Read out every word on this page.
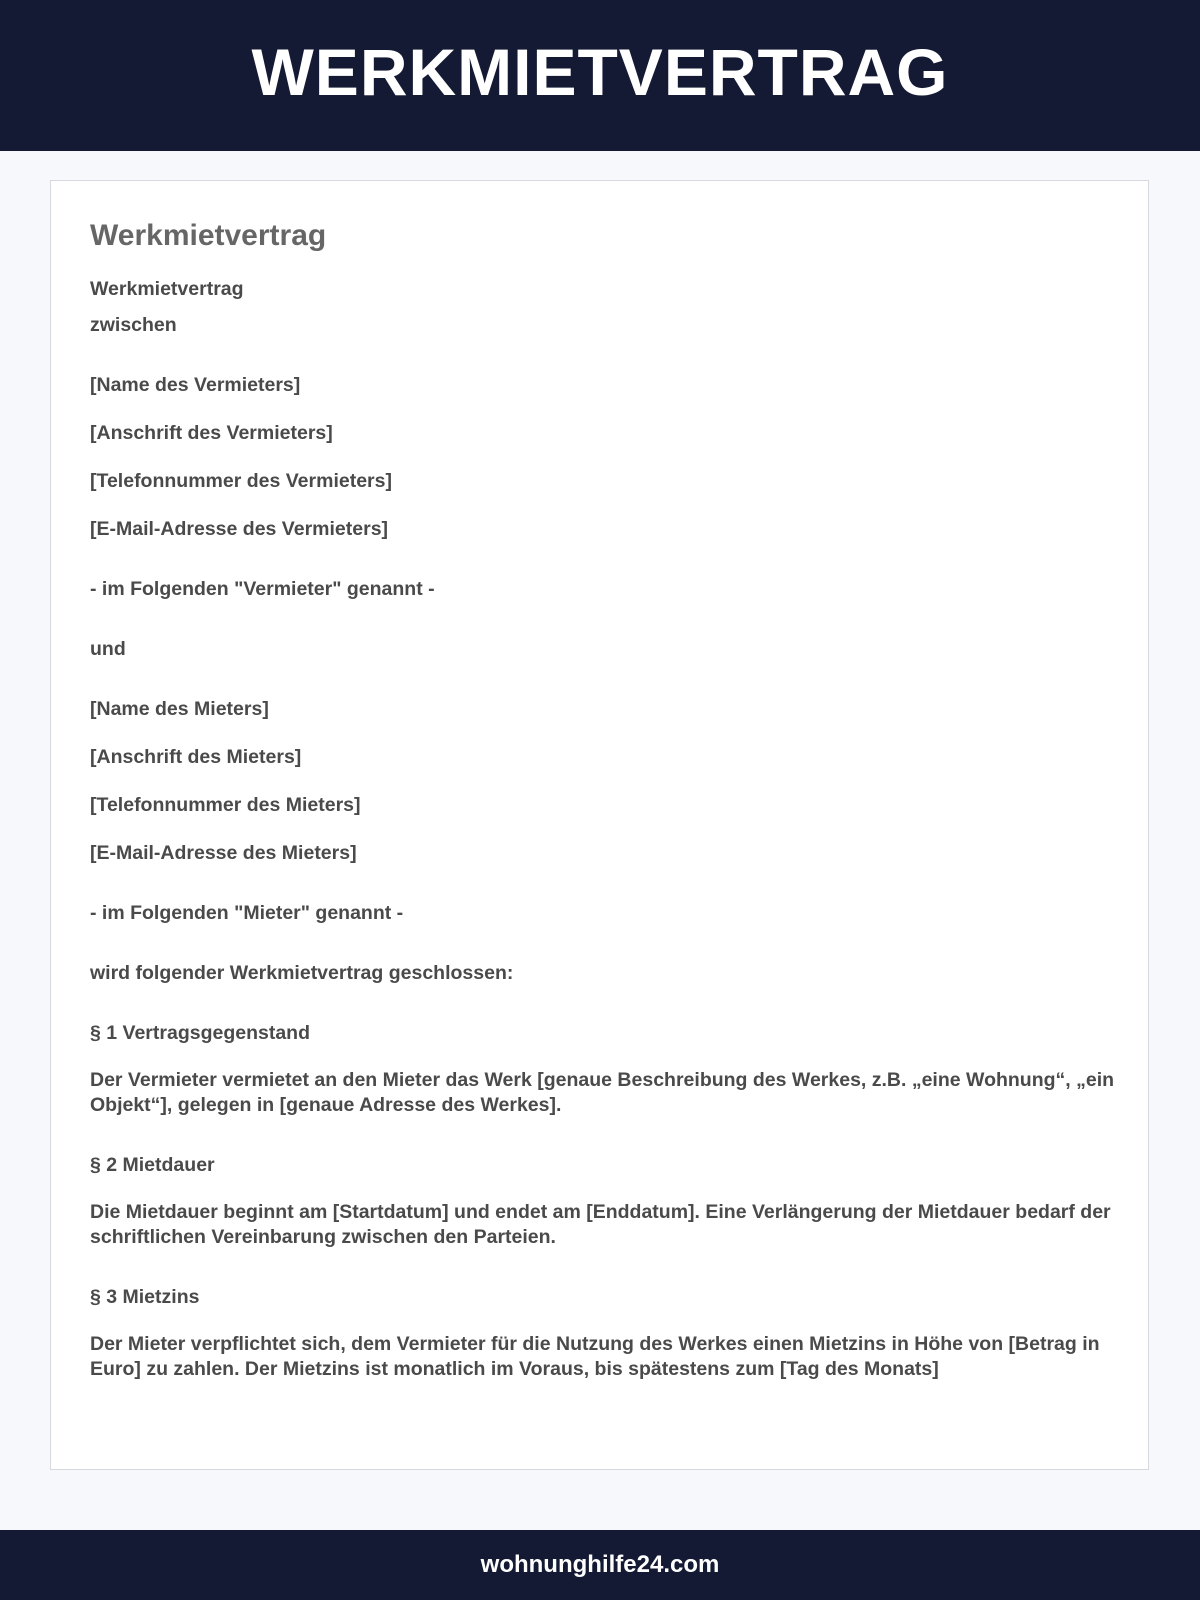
WERKMIETVERTRAG
Werkmietvertrag
Werkmietvertrag
zwischen
[Name des Vermieters]
[Anschrift des Vermieters]
[Telefonnummer des Vermieters]
[E-Mail-Adresse des Vermieters]
- im Folgenden "Vermieter" genannt -
und
[Name des Mieters]
[Anschrift des Mieters]
[Telefonnummer des Mieters]
[E-Mail-Adresse des Mieters]
- im Folgenden "Mieter" genannt -
wird folgender Werkmietvertrag geschlossen:
§ 1 Vertragsgegenstand

Der Vermieter vermietet an den Mieter das Werk [genaue Beschreibung des Werkes, z.B. „eine Wohnung“, „ein Objekt“], gelegen in [genaue Adresse des Werkes].

§ 2 Mietdauer

Die Mietdauer beginnt am [Startdatum] und endet am [Enddatum]. Eine Verlängerung der Mietdauer bedarf der schriftlichen Vereinbarung zwischen den Parteien.

§ 3 Mietzins

Der Mieter verpflichtet sich, dem Vermieter für die Nutzung des Werkes einen Mietzins in Höhe von [Betrag in Euro] zu zahlen. Der Mietzins ist monatlich im Voraus, bis spätestens zum [Tag des Monats]

wohnunghilfe24.com
